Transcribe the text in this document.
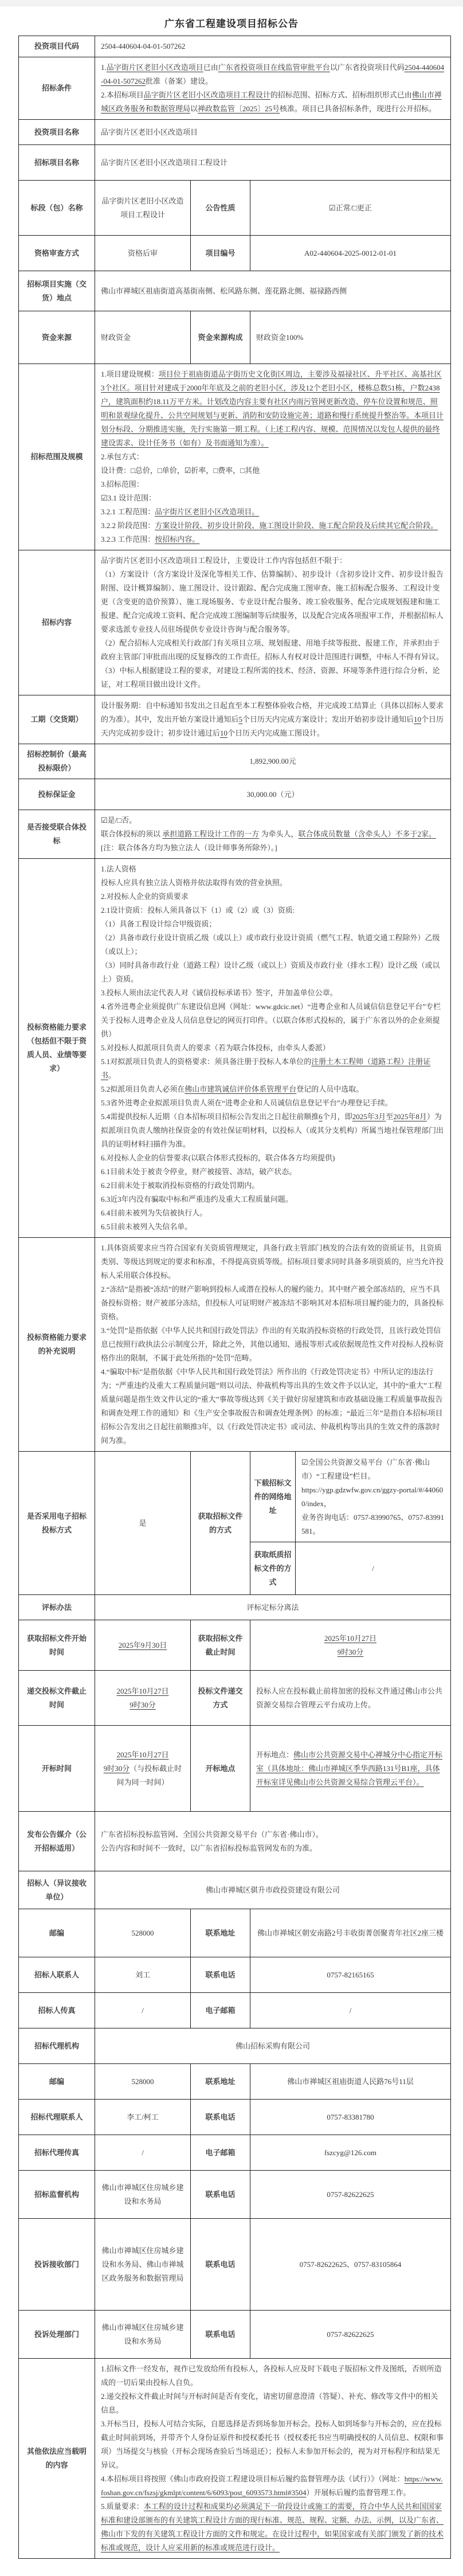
广东省工程建设项目招标公告
投资项目代码	2504-440604-04-01-507262			

招标条件	1.品字街片区老旧小区改造项目已由广东省投资项目在线监管审批平台以广东省投资项目代码2504-440604-04-01-507262批准（备案）建设。
2.本招标项目品字街片区老旧小区改造项目工程设计的招标范围、招标方式、招标组织形式已由佛山市禅城区政务服务和数据管理局以禅政数监管〔2025〕25号核准。项目已具备招标条件，现进行公开招标。			

投资项目名称	品字街片区老旧小区改造项目			

招标项目名称	品字街片区老旧小区改造项目工程设计			

标段（包）名称	品字街片区老旧小区改造项目工程设计	公告性质	☑正常/□更正	

资格审查方式	资格后审	项目编号	A02-440604-2025-0012-01-01	

招标项目实施（交货）地点	佛山市禅城区祖庙街道高基街南侧、松风路东侧、莲花路北侧、福禄路西侧			

资金来源	财政资金	资金来源构成	财政资金100%	

招标范围及规模	
1.项目建设规模：项目位于祖庙街道品字街历史文化街区周边，主要涉及福禄社区、升平社区、高基社区3个社区。项目针对建成于2000年年底及之前的老旧小区，涉及12个老旧小区，楼栋总数51栋，户数2438户，建筑面积约18.11万平方米。计划改造内容主要有社区内雨污管网更新改造、停车位设置和规范、照明和景观绿化提升、公共空间规划与更新、消防和安防设施完善；道路和慢行系统提升整治等。本项目计划分标段、分期推进实施，先行实施第一期工程。（上述工程内容、规模、范围情况以发包人提供的最终建设需求、设计任务书（如有）及书面通知为准）。
2.承包方式：
设计费：□总价，□单价，☑折率，□费率，□其他
3.招标范围：
☑3.1 设计范围：
3.2.1 工程范围：品字街片区老旧小区改造项目。
3.2.2 阶段范围：方案设计阶段、初步设计阶段、施工图设计阶段、施工配合阶段及后续其它配合阶段。
3.2.3 工作范围：按招标内容。

招标内容	品字街片区老旧小区改造项目工程设计，主要设计工作内容包括但不限于：
（1）方案设计（含方案设计及深化等相关工作、估算编制）、初步设计（含初步设计文件、初步设计报告附图、设计概算编制）、施工图设计、设计跟踪、配合完成施工图审查、施工招标配合服务、工程设计变更（含变更的造价预算）、施工现场服务、专业设计配合服务、竣工验收服务、配合完成规划报建和施工报建、配合完成竣工资料、配合完成竣工图编制等后续服务，以及配合完成各项报审工作，并根据招标人要求选派专业技人员驻场提供专业设计咨询与配合服务等。
（2）配合招标人完成相关行政部门有关项目立项、规划报建、用地手续等报批、报建工作，并承担由于政府主管部门审批而出现的反复修改的工作责任。招标人有权对设计范围进行调整，中标人不得有异议。
（3）中标人根据建设工程的要求，对建设工程所需的技术、经济、资源、环境等条件进行综合分析、论证，对工程项目做出设计文件。			

工期（交货期）	设计服务期：自中标通知书发出之日起直至本工程整体验收合格，并完成竣工结算止（具体以招标人要求的为准）。其中，发出开始方案设计通知后5个日历天内完成方案设计；发出开始初步设计通知后10个日历天内完成初步设计；初步设计通过后10个日历天内完成施工图设计。			

招标控制价（最高投标限价）	1,892,900.00元			

投标保证金	30,000.00（元）			

是否接受联合体投标	☑是/□否。
联合体投标的须以 承担道路工程设计工作的一方 为牵头人，联合体成员数量（含牵头人）不多于2家。
[注：联合体各方均为独立法人（设计师事务所除外）。]			

投标资格能力要求（包括但不限于资质人员、业绩等要求）	
1.法人资格
投标人应具有独立法人资格并依法取得有效的营业执照。
2.对投标人企业的资质要求
2.1设计资质：投标人须具备以下（1）或（2）或（3）资质:
（1）具备工程设计综合甲级资质；
（2）具备市政行业设计资质乙级（或以上）或市政行业设计资质（燃气工程、轨道交通工程除外）乙级（或以上）；
（3）同时具备市政行业（道路工程）设计乙级（或以上）资质及市政行业（排水工程）设计乙级（或以上）资质。
3.投标人须由法定代表人对《诚信投标承诺书》签字，并加盖单位公章。
4.省外进粤企业须提供广东建设信息网（网址：www.gdcic.net）“进粤企业和人员诚信信息登记平台”专栏关于投标人进粤企业及人员信息登记的网页打印件。（以联合体形式投标的，属于广东省以外的企业须提供）
5.对投标人拟派项目负责人的要求（若为联合体投标，由牵头人委派）
5.1对拟派项目负责人的资格要求：须具备注册于投标人本单位的注册土木工程师（道路工程）注册证书。
5.2拟派项目负责人必须在佛山市建筑诚信评价体系管理平台登记的人员中选取。
5.3省外进粤企业拟派项目负责人须在“进粤企业和人员诚信信息登记平台”办理登记手续。
5.4需提供投标人近期（自本招标项目招标公告发出之日起往前顺推6个月，即2025年3月至2025年8月）为拟派项目负责人缴纳社保资金的有效社保证明材料，以投标人（或其分支机构）所属当地社保管理部门出具的证明材料扫描件为准。
6.对投标人企业的信誉要求(以联合体形式投标的，联合体各方均须提供)
6.1目前未处于被责令停业，财产被接管、冻结，破产状态。
6.2目前未处于被取消投标资格的行政处罚期内。
6.3近3年内没有骗取中标和严重违约及重大工程质量问题。
6.4目前未被列为失信被执行人。
6.5目前未被列入失信名单。

投标资格能力要求的补充说明	1.具体资质要求应当符合国家有关资质管理规定，具备行政主管部门核发的合法有效的资质证书，且资质类别、等级达到规定的要求和标准，不得提高资质等级。招标项目要求同时具备多项资质的，应当允许投标人采用联合体投标。
2.“冻结”是指被“冻结”的财产影响到投标人或潜在投标人的履约能力。其中财产被全部冻结的，应当不具备投标资格；财产被部分冻结，但投标人可证明财产被冻结不影响其对本招标项目履约能力的，具备投标资格。
3.“处罚”是指依据《中华人民共和国行政处罚法》作出的有关取消投标资格的行政处罚，且该行政处罚信息已按照行政执法公示制度公开，除此之外，其他以通知、通报等形式或依据规范性文件对投标人投标资格作出的限制，不属于此处所指的“处罚”范畴。
4.“骗取中标”是指依据《中华人民共和国行政处罚法》所作出的《行政处罚决定书》中所认定的违法行为；“严重违约及重大工程质量问题”则以司法、仲裁机构等出具的生效文件予以认定，其中的“重大”工程质量问题是指生效文件认定的“重大”事故等级达到《关于做好房屋建筑和市政基础设施工程质量事故报告和调查处理工作的通知》和《生产安全事故报告和调查处理条例》的标准；“最近三年”是指自本招标项目招标公告发出之日起往前顺推3年，以《行政处罚决定书》或司法、仲裁机构等出具的生效文件的落款时间为准。			

是否采用电子招标投标方式	是	获取招标文件的方式	下载招标文件的网络地址	☑全国公共资源交易平台（广东省·佛山市）“工程建设”栏目。
https://ygp.gdzwfw.gov.cn/ggzy-portal/#/440600/index，
业务咨询电话：0757-83990765、0757-83991581。

			获取纸质招标文件的方式	/

评标办法	评标定标分离法			

获取招标文件开始时间	2025年9月30日	获取招标文件截止时间	2025年10月27日
9时30分	

递交投标文件截止时间	2025年10月27日
9时30分	投标文件递交方式	投标人应在投标截止前将加密的投标文件通过佛山市公共资源交易综合管理云平台成功上传。	

开标时间	2025年10月27日
9时30分（与投标截止时间为同一时间）	开标地点	开标地点：佛山市公共资源交易中心禅城分中心指定开标室（具体地址：佛山市禅城区季华西路131号B1座，具体开标室详见佛山市公共资源交易综合管理云平台）。	

发布公告媒介（公开招标适用）	广东省招标投标监管网、全国公共资源交易平台（广东省·佛山市）。
公告内容和时间不一致时，以广东省招标投标监管网发布的为准。			

招标人（异议接收单位）	佛山市禅城区骐升市政投资建设有限公司			

邮编	528000	联系地址	佛山市禅城区朝安南路2号丰收街菁创聚青年社区2座三楼	

招标人联系人	刘工	联系电话	0757-82165165	

招标人传真	/	电子邮箱	/	

招标代理机构	佛山招标采购有限公司			

邮编	528000	联系地址	佛山市禅城区祖庙街道人民路76号11层	

招标代理联系人	李工/柯工	联系电话	0757-83381780	

招标代理传真	/	电子邮箱	fszcyg@126.com	

招标监督机构	佛山市禅城区住房城乡建设和水务局	联系电话	0757-82622625	

投诉接收部门	佛山市禅城区住房城乡建设和水务局、佛山市禅城区政务服务和数据管理局	联系电话	0757-82622625、0757-83105864	

投诉处理部门	佛山市禅城区住房城乡建设和水务局	联系电话	0757-82622625	

其他依法应当载明的内容	1.招标文件一经发布，视作已发放给所有投标人，各投标人应及时下载电子版招标文件及图纸，否则所造成的一切后果由投标人自负。
2.递交投标文件截止时间与开标时间是否有变化，请密切留意澄清（答疑）、补充、修改等文件中的相关信息。
3.开标当日，投标人可结合实际，自愿选择是否到场参加开标会。投标人如到场参与开标会的，应在投标截止时间前到场，并带齐个人身份证原件和授权委托书（授权委托书应当明确授权的人员信息、权限和事项）当场提交与核验（开标会现场查验后当场退还）；投标人未参加开标会的，视为对开标程序和结果无异议。
4.本招标项目将按照《佛山市政府投资工程建设项目标后履约监督管理办法（试行）》（网址：https://www.foshan.gov.cn/fszsj/gkmlpt/content/6/6093/post_6093573.html#3504）开展标后履约监督管理工作。
5.质量要求：本工程的设计过程和成果均必须满足下一阶段设计或施工的需要，符合中华人民共和国国家标准和建设部颁布的有关建筑工程设计方面的现行标准、规范、规程、定额、办法、示例，以及广东省、佛山市下发的有关建筑工程设计方面的文件和规定。在设计过程中，如果国家或有关部门颁发了新的技术标准或规范，设计人应采用新的标准或规范进行设计。			
